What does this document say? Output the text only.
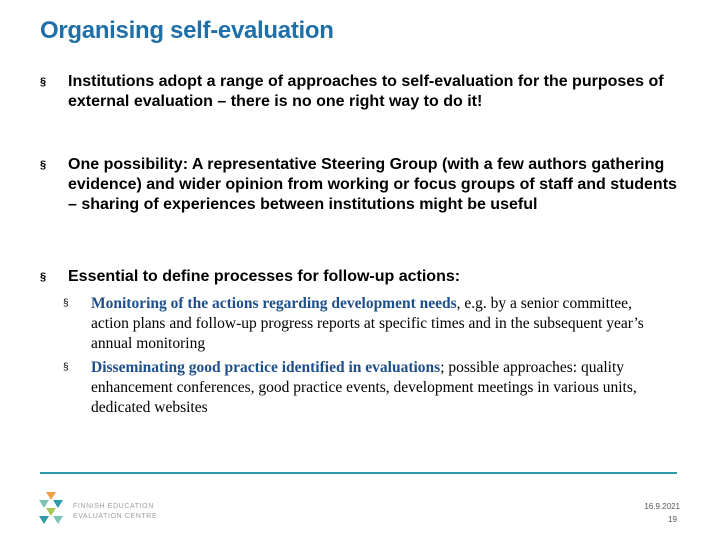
Organising self-evaluation
§ Institutions adopt a range of approaches to self-evaluation for the purposes of external evaluation – there is no one right way to do it!
§ One possibility: A representative Steering Group (with a few authors gathering evidence) and wider opinion from working or focus groups of staff and students – sharing of experiences between institutions might be useful
§ Essential to define processes for follow-up actions:
§ Monitoring of the actions regarding development needs, e.g. by a senior committee, action plans and follow-up progress reports at specific times and in the subsequent year’s annual monitoring
§ Disseminating good practice identified in evaluations; possible approaches: quality enhancement conferences, good practice events, development meetings in various units, dedicated websites
FINNISH EDUCATION
EVALUATION CENTRE
16.9.2021
19
